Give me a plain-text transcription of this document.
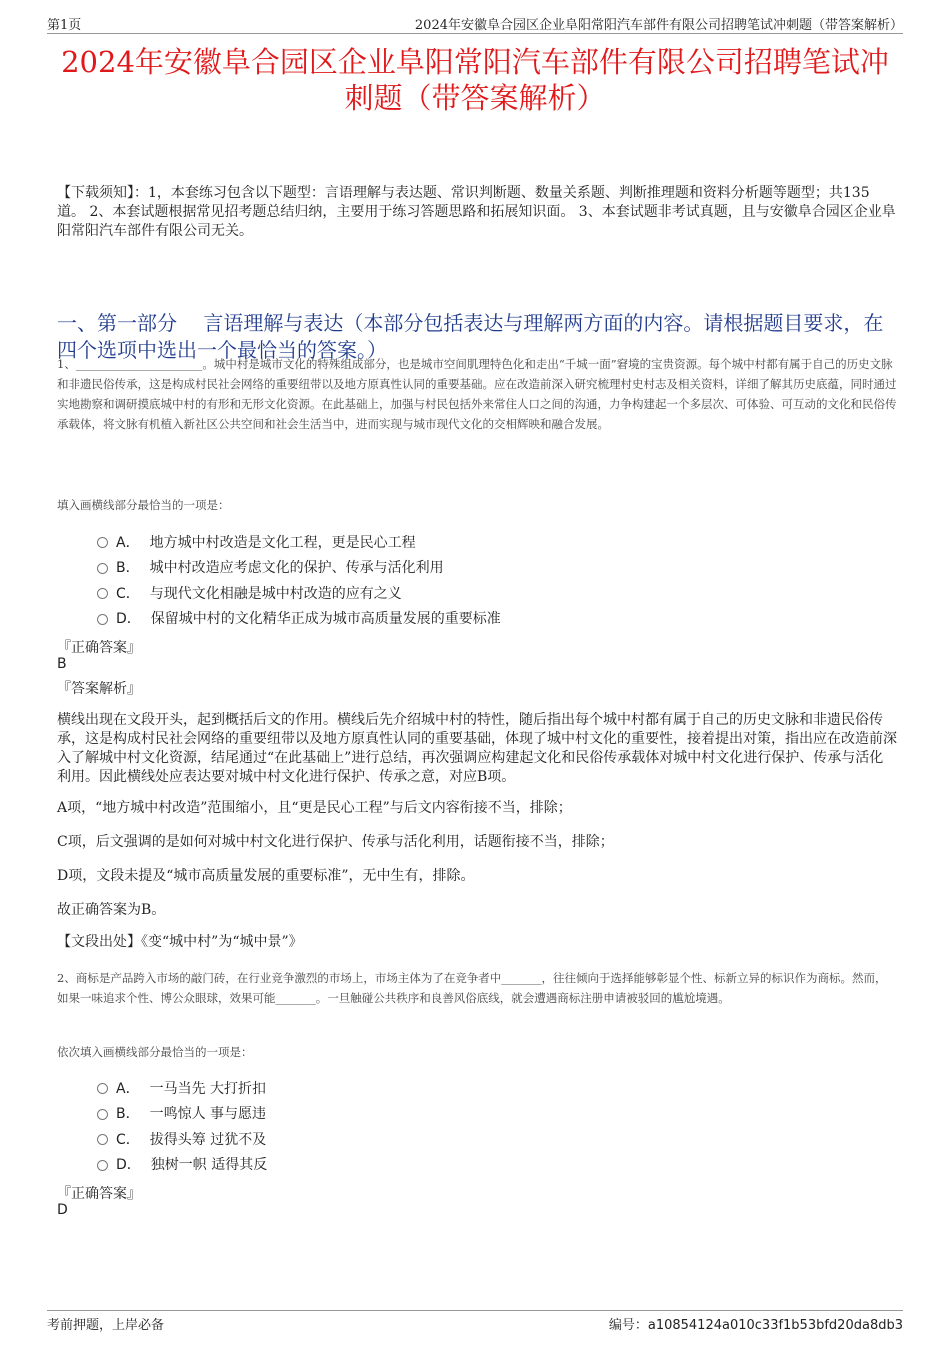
第1页	2024年安徽阜合园区企业阜阳常阳汽车部件有限公司招聘笔试冲刺题（带答案解析）
2024年安徽阜合园区企业阜阳常阳汽车部件有限公司招聘笔试冲刺题（带答案解析）
【下载须知】：1，本套练习包含以下题型：言语理解与表达题、常识判断题、数量关系题、判断推理题和资料分析题等题型；共135道。 2、本套试题根据常见招考题总结归纳，主要用于练习答题思路和拓展知识面。 3、本套试题非考试真题，且与安徽阜合园区企业阜阳常阳汽车部件有限公司无关。
一、第一部分　 言语理解与表达（本部分包括表达与理解两方面的内容。请根据题目要求，在四个选项中选出一个最恰当的答案。）
1、______________________。城中村是城市文化的特殊组成部分，也是城市空间肌理特色化和走出“千城一面”窘境的宝贵资源。每个城中村都有属于自己的历史文脉和非遗民俗传承，这是构成村民社会网络的重要纽带以及地方原真性认同的重要基础。应在改造前深入研究梳理村史村志及相关资料，详细了解其历史底蕴，同时通过实地勘察和调研摸底城中村的有形和无形文化资源。在此基础上，加强与村民包括外来常住人口之间的沟通，力争构建起一个多层次、可体验、可互动的文化和民俗传承载体，将文脉有机植入新社区公共空间和社会生活当中，进而实现与城市现代文化的交相辉映和融合发展。
填入画横线部分最恰当的一项是：
A． 地方城中村改造是文化工程，更是民心工程
B． 城中村改造应考虑文化的保护、传承与活化利用
C． 与现代文化相融是城中村改造的应有之义
D． 保留城中村的文化精华正成为城市高质量发展的重要标准
『正确答案』
B
『答案解析』
横线出现在文段开头，起到概括后文的作用。横线后先介绍城中村的特性，随后指出每个城中村都有属于自己的历史文脉和非遗民俗传承，这是构成村民社会网络的重要纽带以及地方原真性认同的重要基础，体现了城中村文化的重要性，接着提出对策，指出应在改造前深入了解城中村文化资源，结尾通过“在此基础上”进行总结，再次强调应构建起文化和民俗传承载体对城中村文化进行保护、传承与活化利用。因此横线处应表达要对城中村文化进行保护、传承之意，对应B项。
A项，“地方城中村改造”范围缩小，且“更是民心工程”与后文内容衔接不当，排除；
C项，后文强调的是如何对城中村文化进行保护、传承与活化利用，话题衔接不当，排除；
D项，文段未提及“城市高质量发展的重要标准”，无中生有，排除。
故正确答案为B。
【文段出处】《变“城中村”为“城中景”》
2、商标是产品跨入市场的敲门砖，在行业竞争激烈的市场上，市场主体为了在竞争者中_______，往往倾向于选择能够彰显个性、标新立异的标识作为商标。然而，如果一味追求个性、博公众眼球，效果可能_______。一旦触碰公共秩序和良善风俗底线，就会遭遇商标注册申请被驳回的尴尬境遇。
依次填入画横线部分最恰当的一项是：
A． 一马当先 大打折扣
B． 一鸣惊人 事与愿违
C． 拔得头筹 过犹不及
D． 独树一帜 适得其反
『正确答案』
D
考前押题，上岸必备	编号：a10854124a010c33f1b53bfd20da8db3
